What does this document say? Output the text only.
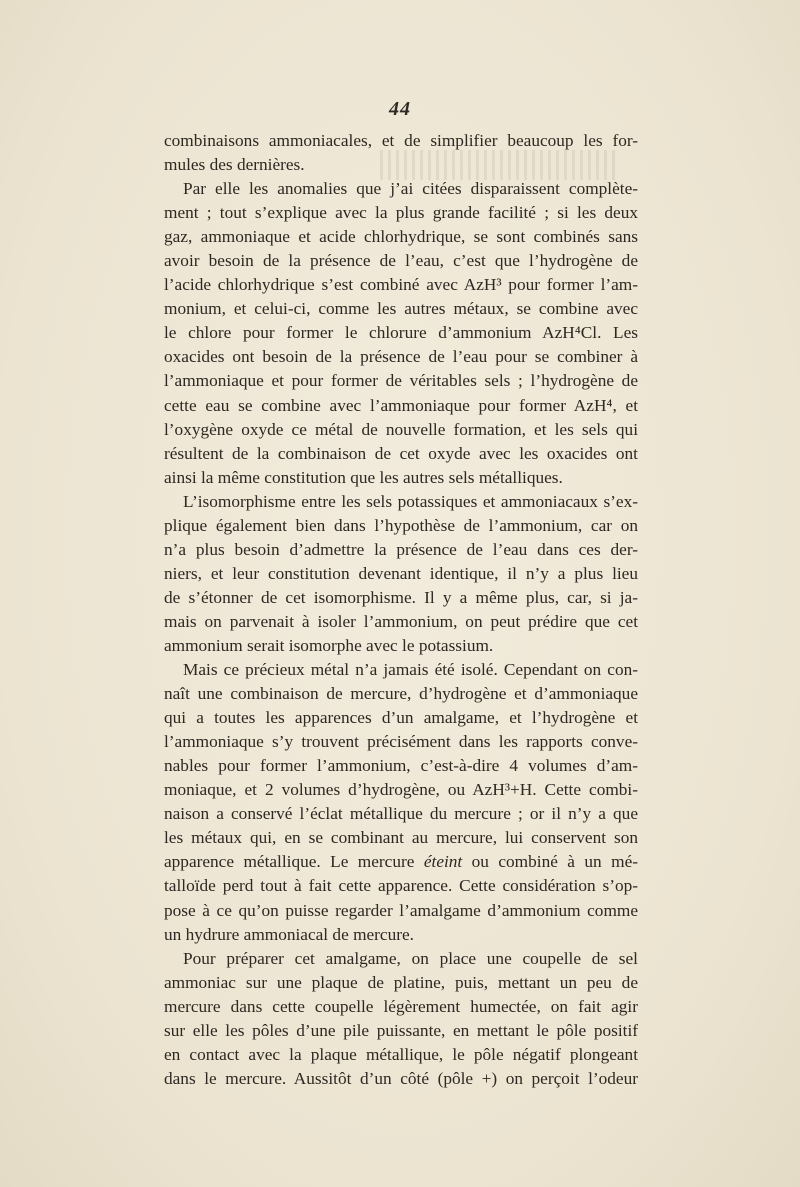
44
combinaisons ammoniacales, et de simplifier beaucoup les for-
mules des dernières.
Par elle les anomalies que j’ai citées disparaissent complète-
ment ; tout s’explique avec la plus grande facilité ; si les deux
gaz, ammoniaque et acide chlorhydrique, se sont combinés sans
avoir besoin de la présence de l’eau, c’est que l’hydrogène de
l’acide chlorhydrique s’est combiné avec AzH³ pour former l’am-
monium, et celui-ci, comme les autres métaux, se combine avec
le chlore pour former le chlorure d’ammonium AzH⁴Cl. Les
oxacides ont besoin de la présence de l’eau pour se combiner à
l’ammoniaque et pour former de véritables sels ; l’hydrogène de
cette eau se combine avec l’ammoniaque pour former AzH⁴, et
l’oxygène oxyde ce métal de nouvelle formation, et les sels qui
résultent de la combinaison de cet oxyde avec les oxacides ont
ainsi la même constitution que les autres sels métalliques.
L’isomorphisme entre les sels potassiques et ammoniacaux s’ex-
plique également bien dans l’hypothèse de l’ammonium, car on
n’a plus besoin d’admettre la présence de l’eau dans ces der-
niers, et leur constitution devenant identique, il n’y a plus lieu
de s’étonner de cet isomorphisme. Il y a même plus, car, si ja-
mais on parvenait à isoler l’ammonium, on peut prédire que cet
ammonium serait isomorphe avec le potassium.
Mais ce précieux métal n’a jamais été isolé. Cependant on con-
naît une combinaison de mercure, d’hydrogène et d’ammoniaque
qui a toutes les apparences d’un amalgame, et l’hydrogène et
l’ammoniaque s’y trouvent précisément dans les rapports conve-
nables pour former l’ammonium, c’est-à-dire 4 volumes d’am-
moniaque, et 2 volumes d’hydrogène, ou AzH³+H. Cette combi-
naison a conservé l’éclat métallique du mercure ; or il n’y a que
les métaux qui, en se combinant au mercure, lui conservent son
apparence métallique. Le mercure éteint ou combiné à un mé-
talloïde perd tout à fait cette apparence. Cette considération s’op-
pose à ce qu’on puisse regarder l’amalgame d’ammonium comme
un hydrure ammoniacal de mercure.
Pour préparer cet amalgame, on place une coupelle de sel
ammoniac sur une plaque de platine, puis, mettant un peu de
mercure dans cette coupelle légèrement humectée, on fait agir
sur elle les pôles d’une pile puissante, en mettant le pôle positif
en contact avec la plaque métallique, le pôle négatif plongeant
dans le mercure. Aussitôt d’un côté (pôle +) on perçoit l’odeur
